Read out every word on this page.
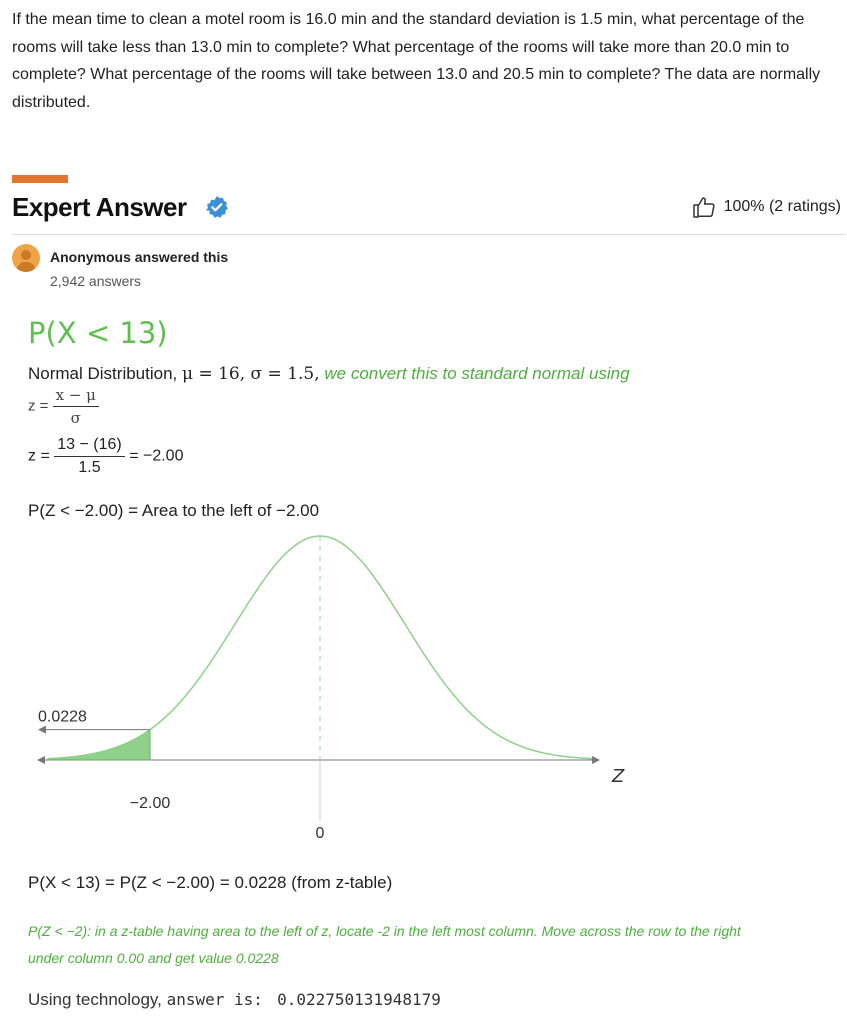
If the mean time to clean a motel room is 16.0 min and the standard deviation is 1.5 min, what percentage of the rooms will take less than 13.0 min to complete? What percentage of the rooms will take more than 20.0 min to complete? What percentage of the rooms will take between 13.0 and 20.5 min to complete? The data are normally distributed.
Expert Answer	100% (2 ratings)
Anonymous answered this
2,942 answers
P(X < 13)
Normal Distribution, μ = 16, σ = 1.5, we convert this to standard normal using
$z = \frac{x - \mu}{\sigma}$
$z = \frac{13 - (16)}{1.5} = -2.00$
P(Z < −2.00) = Area to the left of −2.00
0.0228
−2.00
0
Z
P(X < 13) = P(Z < −2.00) = 0.0228 (from z-table)
P(Z < −2): in a z-table having area to the left of z, locate -2 in the left most column. Move across the row to the right under column 0.00 and get value 0.0228
Using technology, answer is: 0.022750131948179
